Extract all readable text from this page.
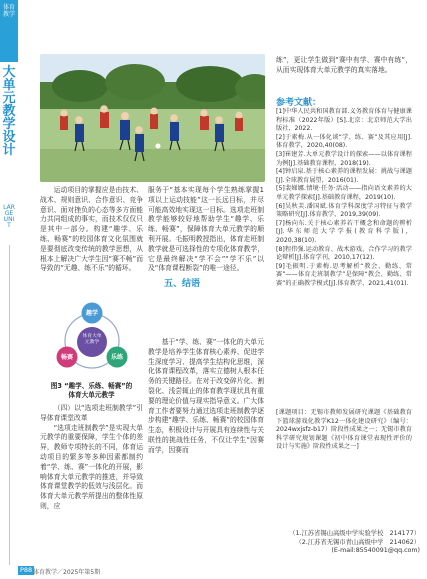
体育教学
大单元教学设计
LARGE UNIT

运动项目的掌握应是由技术、战术、规则意识、合作意识、竞争意识、面对挫负的心态等多方面能力共同组成的事实，而技术仅仅只是其中一部分。构建“趣学、乐练、畅赛”的校园体育文化氛围就是要彻底改变传统的教学思想，从根本上解决广大学生因“赛不畅”而导致的“无趣、练不乐”的循环。

趣学
畅赛	乐练
体育大单元教学
图3 “趣学、乐练、畅赛”的
体育大单元教学

（四）以“选项走班制教学”引导体育课堂改革

“选项走班制教学”是实现大单元教学的重要保障，学生个体的差异，教师专项特长的不同，体育运动项目的繁多等多种因素都制约着“学、练、赛”一体化的开展，影响体育大单元教学的推进，并导致体育课堂教学的低效与浅层化。而体育大单元教学所提出的整体性原则，应

服务于“基本实现每个学生熟练掌握1项以上运动技能”这一长远目标，并尽可能高效地实现这一目标。选项走班制教学能够较好地帮助学生“趣学、乐练、畅赛”，保障体育大单元教学的顺利开展。毛振明教授指出，体育走班制教学就是可选择性的专项化体育教学，它是最终解决“学不会”“学不乐”以及“体育课程断裂”的唯一途径。

五、结语

基于“学、练、赛”一体化的大单元教学是培养学生体育核心素养、促进学生深度学习、提高学生结构化思维，深化体育课程改革，落实立德树人根本任务的关键路径。在对于改变碎片化、割裂化、浅尝辄止的体育教学现状具有重要的理论价值与现实指导意义。广大体育工作者要努力通过选项走班制教学逐步构建“趣学、乐练、畅赛”的校园体育生态，积极设计与开展具有连续性与关联性的挑战性任务，不仅让学生“因赛而学，因赛而

练”，更让学生做到“赛中有学、赛中有练”，从而实现体育大单元教学的真实落地。

参考文献：

[1]中华人民共和国教育部.义务教育体育与健康课程标准（2022年版）[S].北京：北京师范大学出版社，2022.

[2]于素梅.从一体化谈“学、练、赛”及其应用[J].体育教学，2020,40(08).

[3]崔建芳.大单元教学设计的探索——以体育课程为例[J].基础教育课程，2018(19).

[4]钟启泉.基于核心素养的课程发展：挑战与课题[J].全球教育展望，2016(01).

[5]裴娣娜.情境·任务·活动——指向语文素养的大单元教学探索[J].基础教育课程，2019(10).

[6]吴秋芙.潘国斌.体育学科深度学习特征与教学策略研究[J].体育教学，2019,39(09).

[7]杨向东.关于核心素养若干概念和命题的辨析[J].华东师范大学学报(教育科学版)，2020,38(10).

[8]程伟强.运动教育、战术游戏、合作学习的教学论辩析[J].体育学刊，2010,17(12).

[9]毛振明.于素梅.思考解析“教会、勤练、常赛”——体育走班制教学”是保障“教会、勤练、常赛”的正确教学模式[J].体育教学，2021,41(01).

[课题项目：无锡市教师发展研究课题《基础教育下篮球游戏化教学K12一体化建设研究》（编号：2024wxjsfz-b17）阶段性成果之一；无锡市教育科学研究规划课题《初中体育课堂表现性评价的设计与实施》阶段性成果之一]
（1.江苏省锡山高级中学实验学校　214177）
（2.江苏省无锡市青山高级中学　214062）
(E-mail:85540091@qq.com)
P88 体育教学／2025年第5期
